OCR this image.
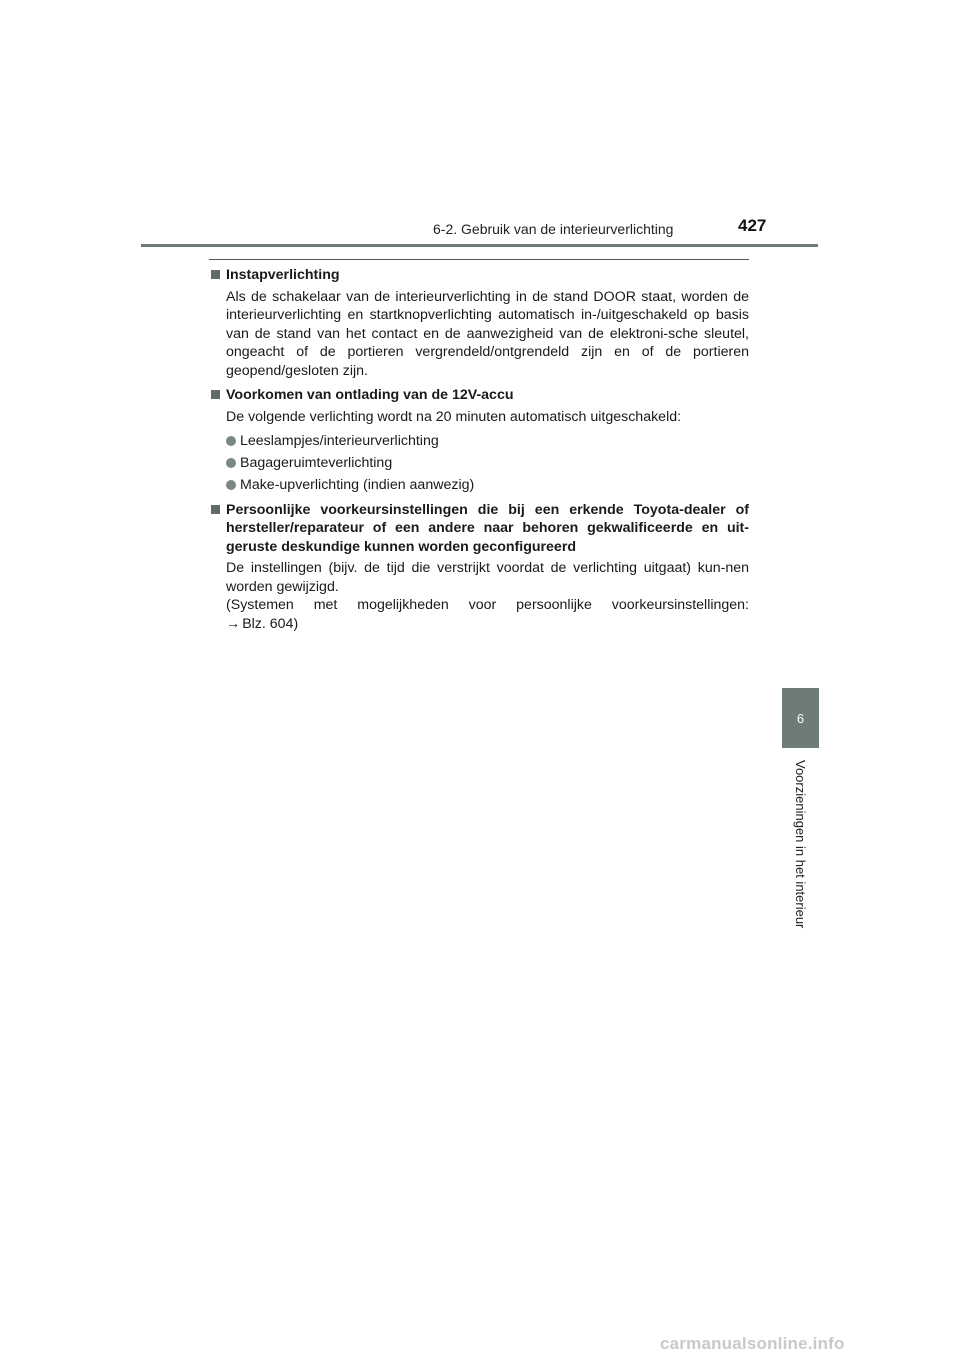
6-2. Gebruik van de interieurverlichting	427
Instapverlichting

Als de schakelaar van de interieurverlichting in de stand DOOR staat, worden de interieurverlichting en startknopverlichting automatisch in-/uitgeschakeld op basis van de stand van het contact en de aanwezigheid van de elektroni-sche sleutel, ongeacht of de portieren vergrendeld/ontgrendeld zijn en of de portieren geopend/gesloten zijn.

Voorkomen van ontlading van de 12V-accu

De volgende verlichting wordt na 20 minuten automatisch uitgeschakeld:

Leeslampjes/interieurverlichting
Bagageruimteverlichting
Make-upverlichting (indien aanwezig)
Persoonlijke voorkeursinstellingen die bij een erkende Toyota-dealer of hersteller/reparateur of een andere naar behoren gekwalificeerde en uit-geruste deskundige kunnen worden geconfigureerd

De instellingen (bijv. de tijd die verstrijkt voordat de verlichting uitgaat) kun-nen worden gewijzigd.

(Systemen met mogelijkheden voor persoonlijke voorkeursinstellingen:

→ Blz. 604)

6
Voorzieningen in het interieur
carmanualsonline.info
